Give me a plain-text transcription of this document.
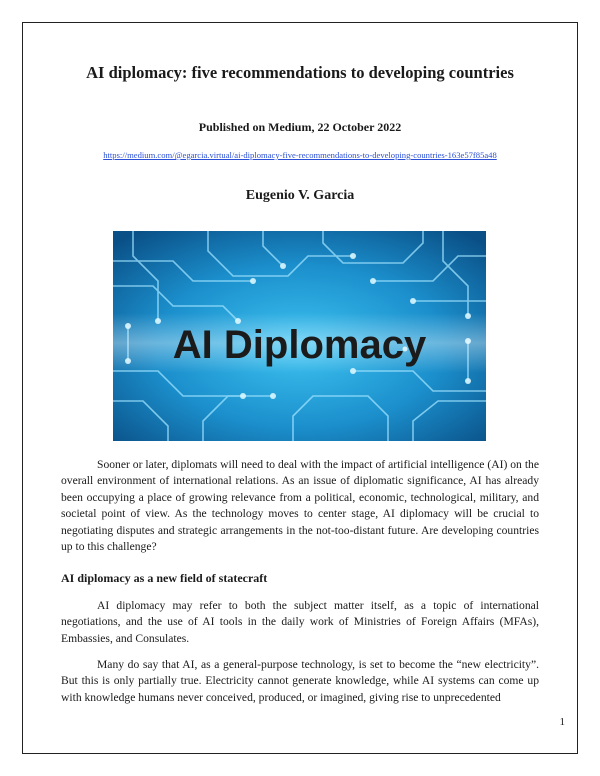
AI diplomacy: five recommendations to developing countries

Published on Medium, 22 October 2022

https://medium.com/@egarcia.virtual/ai-diplomacy-five-recommendations-to-developing-countries-163e57f85a48

Eugenio V. Garcia

AI Diplomacy

Sooner or later, diplomats will need to deal with the impact of artificial intelligence (AI) on the overall environment of international relations. As an issue of diplomatic significance, AI has already been occupying a place of growing relevance from a political, economic, technological, military, and societal point of view. As the technology moves to center stage, AI diplomacy will be crucial to negotiating disputes and strategic arrangements in the not-too-distant future. Are developing countries up to this challenge?

AI diplomacy as a new field of statecraft

AI diplomacy may refer to both the subject matter itself, as a topic of international negotiations, and the use of AI tools in the daily work of Ministries of Foreign Affairs (MFAs), Embassies, and Consulates.

Many do say that AI, as a general-purpose technology, is set to become the “new electricity”. But this is only partially true. Electricity cannot generate knowledge, while AI systems can come up with knowledge humans never conceived, produced, or imagined, giving rise to unprecedented

1
